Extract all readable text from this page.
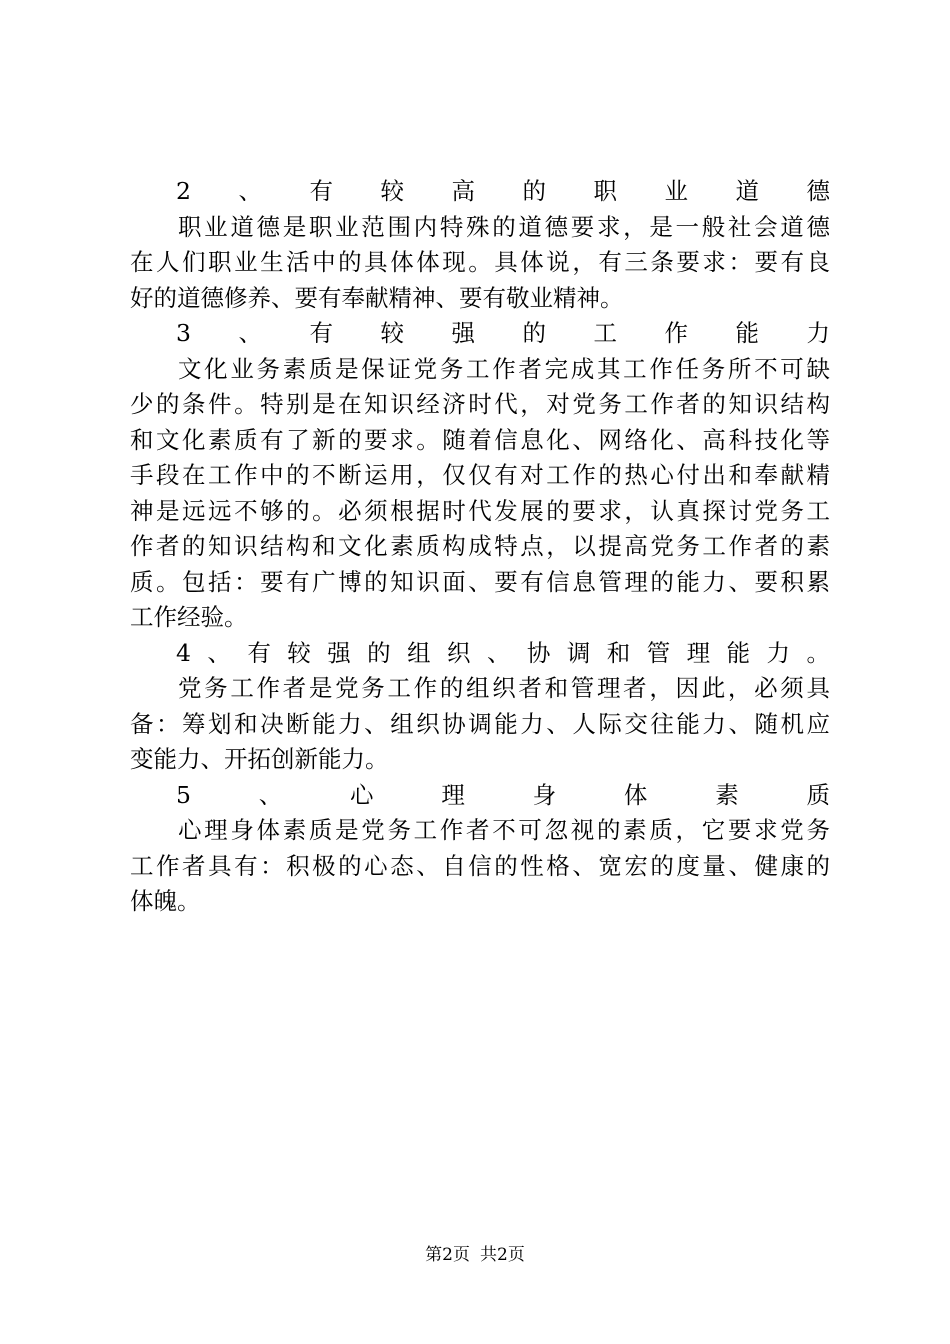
2、有较高的职业道德
职业道德是职业范围内特殊的道德要求，是一般社会道德
在人们职业生活中的具体体现。具体说，有三条要求：要有良
好的道德修养、要有奉献精神、要有敬业精神。
3、有较强的工作能力
文化业务素质是保证党务工作者完成其工作任务所不可缺
少的条件。特别是在知识经济时代，对党务工作者的知识结构
和文化素质有了新的要求。随着信息化、网络化、高科技化等
手段在工作中的不断运用，仅仅有对工作的热心付出和奉献精
神是远远不够的。必须根据时代发展的要求，认真探讨党务工
作者的知识结构和文化素质构成特点，以提高党务工作者的素
质。包括：要有广博的知识面、要有信息管理的能力、要积累
工作经验。
4、有较强的组织、协调和管理能力。
党务工作者是党务工作的组织者和管理者，因此，必须具
备：筹划和决断能力、组织协调能力、人际交往能力、随机应
变能力、开拓创新能力。
5、心理身体素质
心理身体素质是党务工作者不可忽视的素质，它要求党务
工作者具有：积极的心态、自信的性格、宽宏的度量、健康的
体魄。
第2页 共2页
